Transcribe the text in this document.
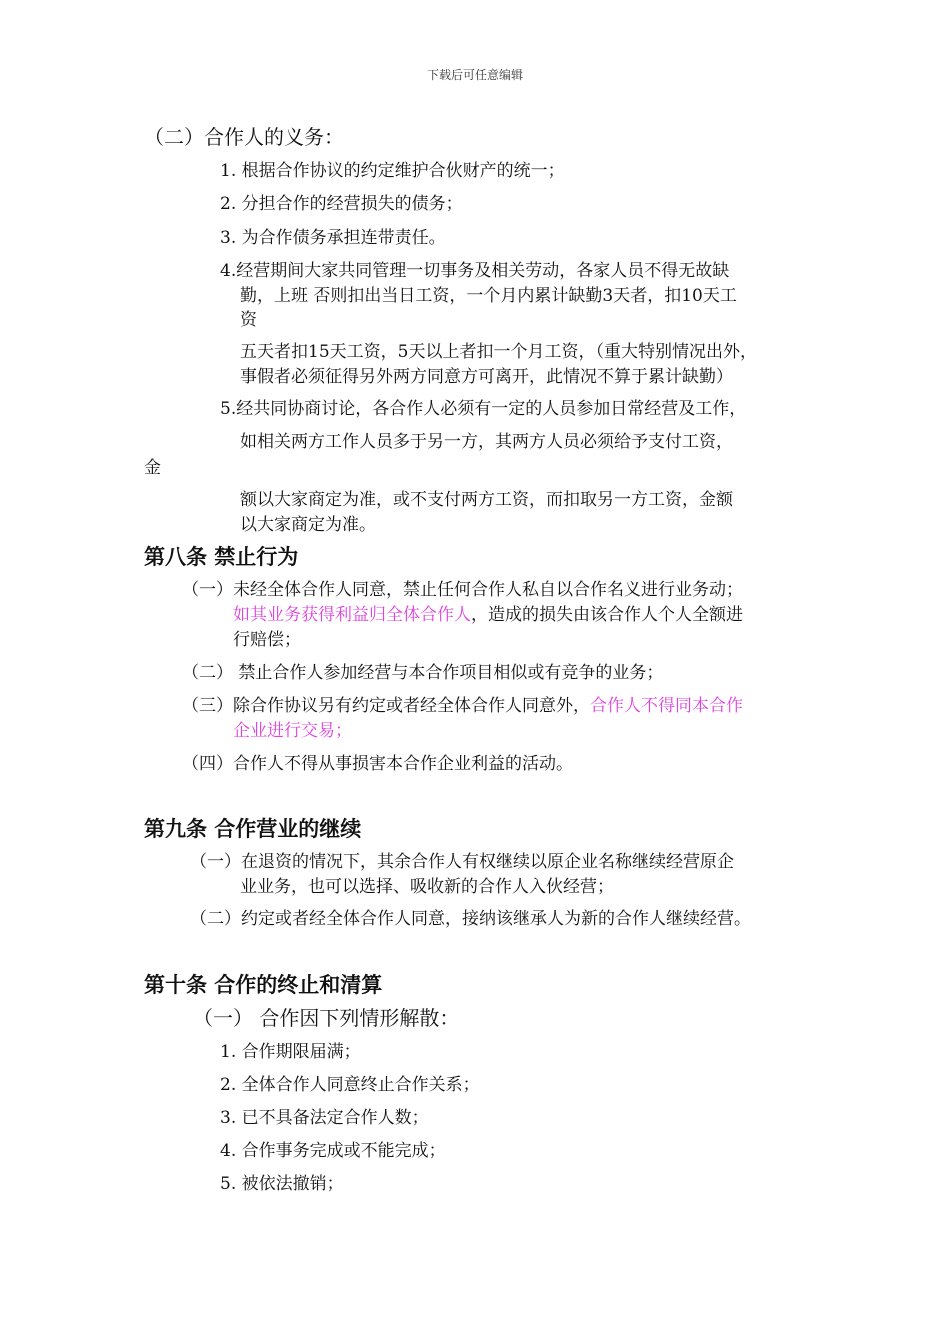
下载后可任意编辑
（二）合作人的义务：
1. 根据合作协议的约定维护合伙财产的统一；
2. 分担合作的经营损失的债务；
3. 为合作债务承担连带责任。
4.经营期间大家共同管理一切事务及相关劳动，各家人员不得无故缺
勤，上班 否则扣出当日工资，一个月内累计缺勤3天者，扣10天工
资
五天者扣15天工资，5天以上者扣一个月工资，（重大特别情况出外，
事假者必须征得另外两方同意方可离开，此情况不算于累计缺勤）
5.经共同协商讨论，各合作人必须有一定的人员参加日常经营及工作，
如相关两方工作人员多于另一方，其两方人员必须给予支付工资，
金
额以大家商定为准，或不支付两方工资，而扣取另一方工资，金额
以大家商定为准。
第八条 禁止行为
（一）未经全体合作人同意，禁止任何合作人私自以合作名义进行业务动；
如其业务获得利益归全体合作人，造成的损失由该合作人个人全额进
行赔偿；
（二） 禁止合作人参加经营与本合作项目相似或有竞争的业务；
（三）除合作协议另有约定或者经全体合作人同意外，合作人不得同本合作
企业进行交易；
（四）合作人不得从事损害本合作企业利益的活动。
第九条 合作营业的继续
（一）在退资的情况下，其余合作人有权继续以原企业名称继续经营原企
业业务，也可以选择、吸收新的合作人入伙经营；
（二）约定或者经全体合作人同意，接纳该继承人为新的合作人继续经营。
第十条 合作的终止和清算
（一） 合作因下列情形解散：
1. 合作期限届满；
2. 全体合作人同意终止合作关系；
3. 已不具备法定合作人数；
4. 合作事务完成或不能完成；
5. 被依法撤销；
